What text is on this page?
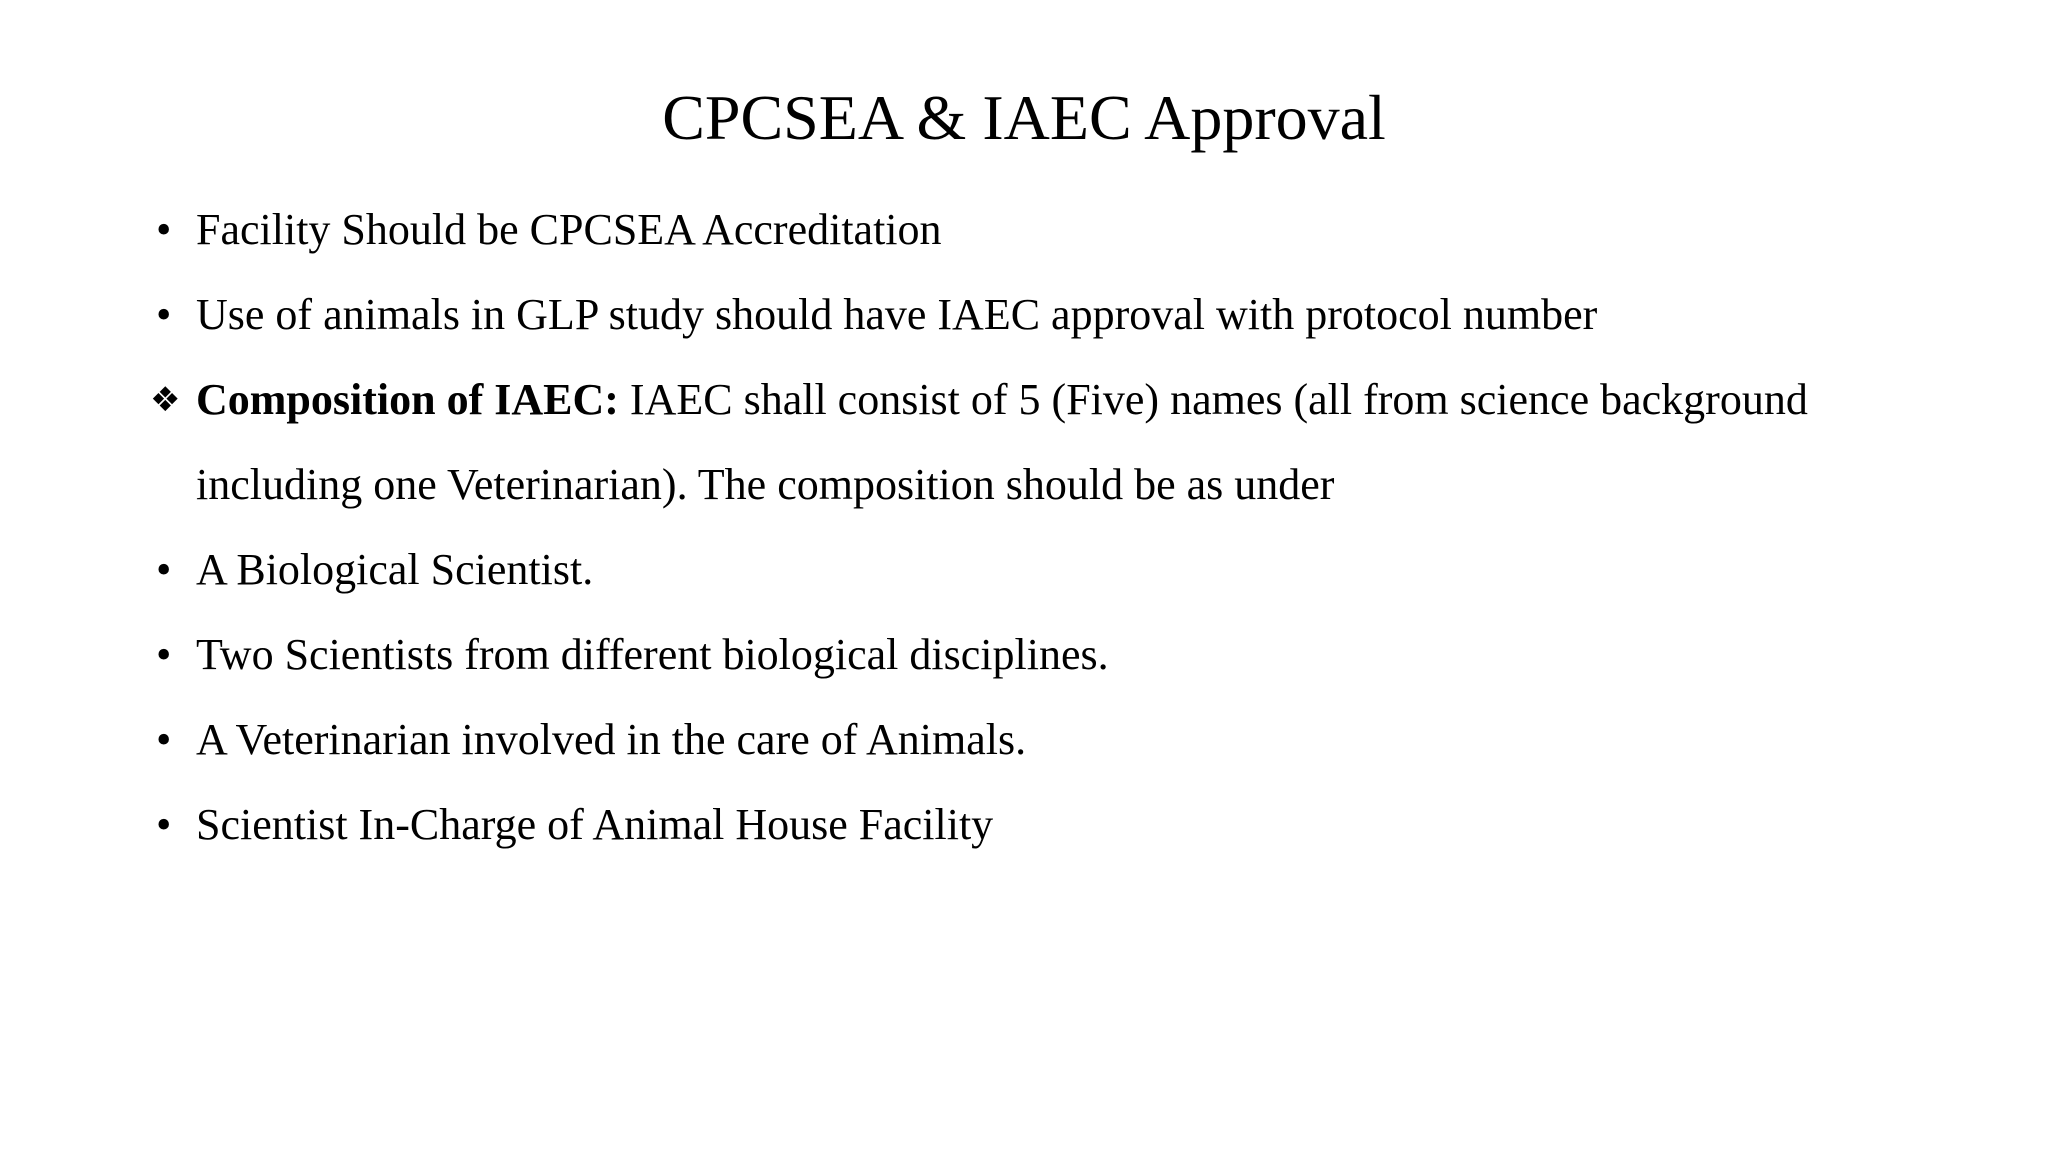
CPCSEA & IAEC Approval
• Facility Should be CPCSEA Accreditation
• Use of animals in GLP study should have IAEC approval with protocol number
❖ Composition of IAEC: IAEC shall consist of 5 (Five) names (all from science background
including one Veterinarian). The composition should be as under
• A Biological Scientist.
• Two Scientists from different biological disciplines.
• A Veterinarian involved in the care of Animals.
• Scientist In-Charge of Animal House Facility
